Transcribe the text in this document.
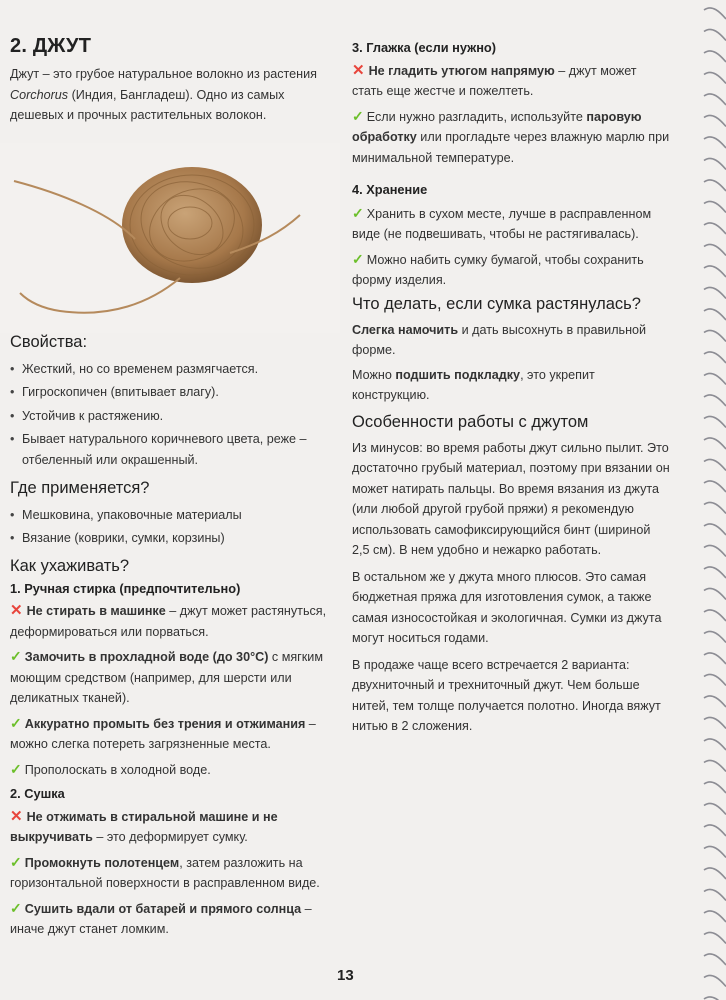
2. ДЖУТ

Джут – это грубое натуральное волокно из растения Corchorus (Индия, Бангладеш). Одно из самых дешевых и прочных растительных волокон.

Свойства:
• Жесткий, но со временем размягчается.
• Гигроскопичен (впитывает влагу).
• Устойчив к растяжению.
• Бывает натурального коричневого цвета, реже – отбеленный или окрашенный.
Где применяется?
• Мешковина, упаковочные материалы
• Вязание (коврики, сумки, корзины)
Как ухаживать?
1. Ручная стирка (предпочтительно)

✕ Не стирать в машинке – джут может растянуться, деформироваться или порваться.

✓ Замочить в прохладной воде (до 30°С) с мягким моющим средством (например, для шерсти или деликатных тканей).

✓ Аккуратно промыть без трения и отжимания – можно слегка потереть загрязненные места.

✓ Прополоскать в холодной воде.

2. Сушка

✕ Не отжимать в стиральной машине и не выкручивать – это деформирует сумку.

✓ Промокнуть полотенцем, затем разложить на горизонтальной поверхности в расправленном виде.

✓ Сушить вдали от батарей и прямого солнца – иначе джут станет ломким.

3. Глажка (если нужно)

✕ Не гладить утюгом напрямую – джут может стать еще жестче и пожелтеть.

✓ Если нужно разгладить, используйте паровую обработку или прогладьте через влажную марлю при минимальной температуре.

4. Хранение

✓ Хранить в сухом месте, лучше в расправленном виде (не подвешивать, чтобы не растягивалась).

✓ Можно набить сумку бумагой, чтобы сохранить форму изделия.

Что делать, если сумка растянулась?

Слегка намочить и дать высохнуть в правильной форме.

Можно подшить подкладку, это укрепит конструкцию.

Особенности работы с джутом

Из минусов: во время работы джут сильно пылит. Это достаточно грубый материал, поэтому при вязании он может натирать пальцы. Во время вязания из джута (или любой другой грубой пряжи) я рекомендую использовать самофиксирующийся бинт (шириной 2,5 см). В нем удобно и нежарко работать.

В остальном же у джута много плюсов. Это самая бюджетная пряжа для изготовления сумок, а также самая износостойкая и экологичная. Сумки из джута могут носиться годами.

В продаже чаще всего встречается 2 варианта: двухниточный и трехниточный джут. Чем больше нитей, тем толще получается полотно. Иногда вяжут нитью в 2 сложения.

13
